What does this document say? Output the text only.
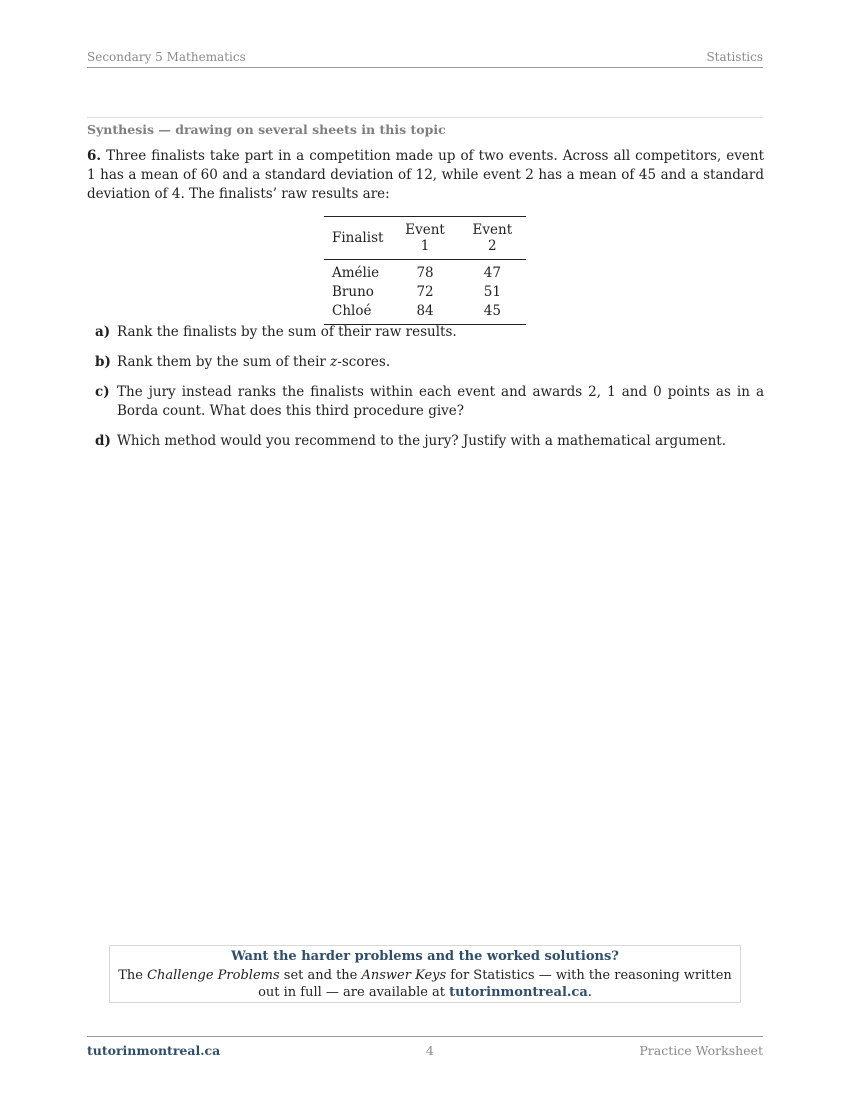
Secondary 5 Mathematics	Statistics
Synthesis — drawing on several sheets in this topic
6. Three finalists take part in a competition made up of two events. Across all competitors, event 1 has a mean of 60 and a standard deviation of 12, while event 2 has a mean of 45 and a standard deviation of 4. The finalists’ raw results are:
Finalist	Event 1	Event 2
Amélie	78	47
Bruno	72	51
Chloé	84	45
a) Rank the finalists by the sum of their raw results.
b) Rank them by the sum of their z-scores.
c) The jury instead ranks the finalists within each event and awards 2, 1 and 0 points as in a Borda count. What does this third procedure give?
d) Which method would you recommend to the jury? Justify with a mathematical argument.
Want the harder problems and the worked solutions?
The Challenge Problems set and the Answer Keys for Statistics — with the reasoning written out in full — are available at tutorinmontreal.ca.
tutorinmontreal.ca	4	Practice Worksheet
